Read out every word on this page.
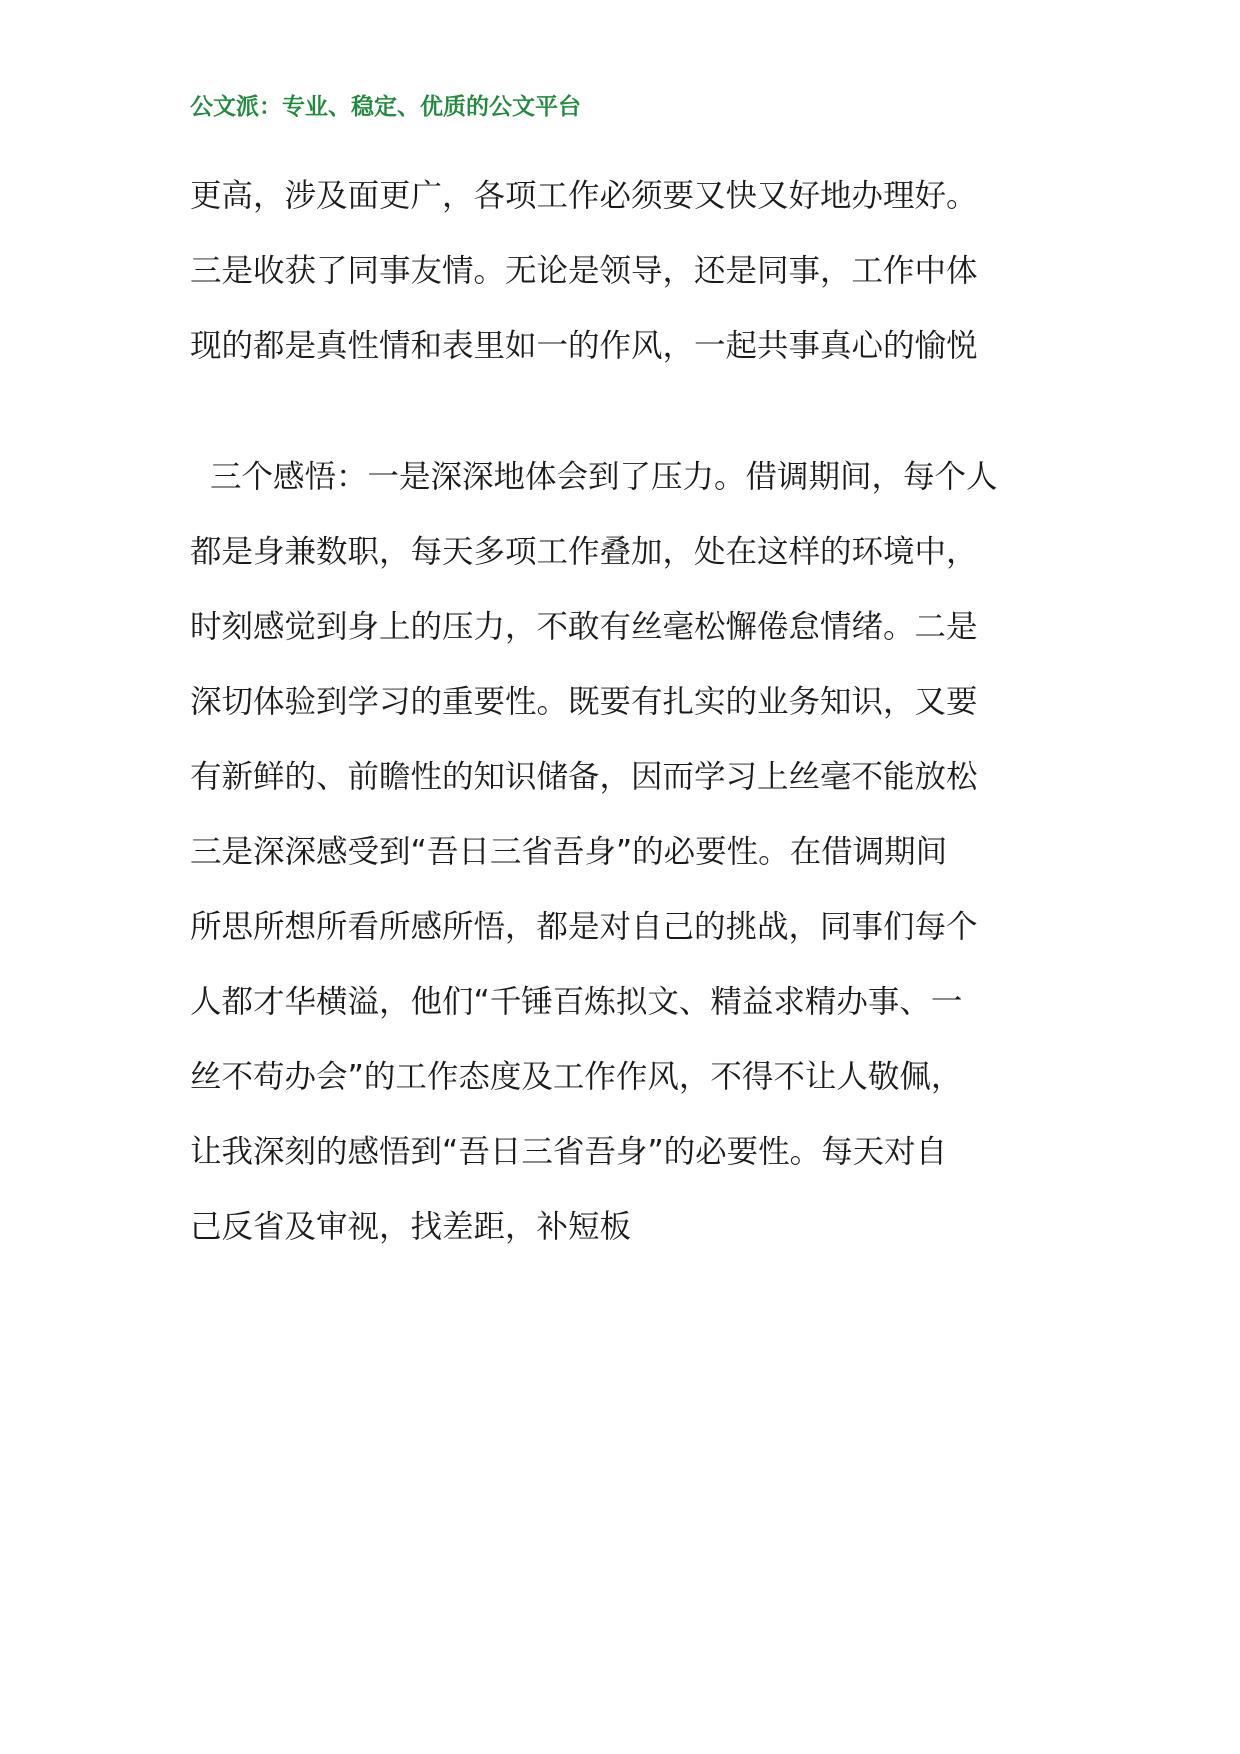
公文派：专业、稳定、优质的公文平台
更高，涉及面更广，各项工作必须要又快又好地办理好。
三是收获了同事友情。无论是领导，还是同事，工作中体
现的都是真性情和表里如一的作风，一起共事真心的愉悦
三个感悟：一是深深地体会到了压力。借调期间，每个人
都是身兼数职，每天多项工作叠加，处在这样的环境中，
时刻感觉到身上的压力，不敢有丝毫松懈倦怠情绪。二是
深切体验到学习的重要性。既要有扎实的业务知识，又要
有新鲜的、前瞻性的知识储备，因而学习上丝毫不能放松
三是深深感受到“吾日三省吾身”的必要性。在借调期间
所思所想所看所感所悟，都是对自己的挑战，同事们每个
人都才华横溢，他们“千锤百炼拟文、精益求精办事、一
丝不苟办会”的工作态度及工作作风，不得不让人敬佩，
让我深刻的感悟到“吾日三省吾身”的必要性。每天对自
己反省及审视，找差距，补短板
